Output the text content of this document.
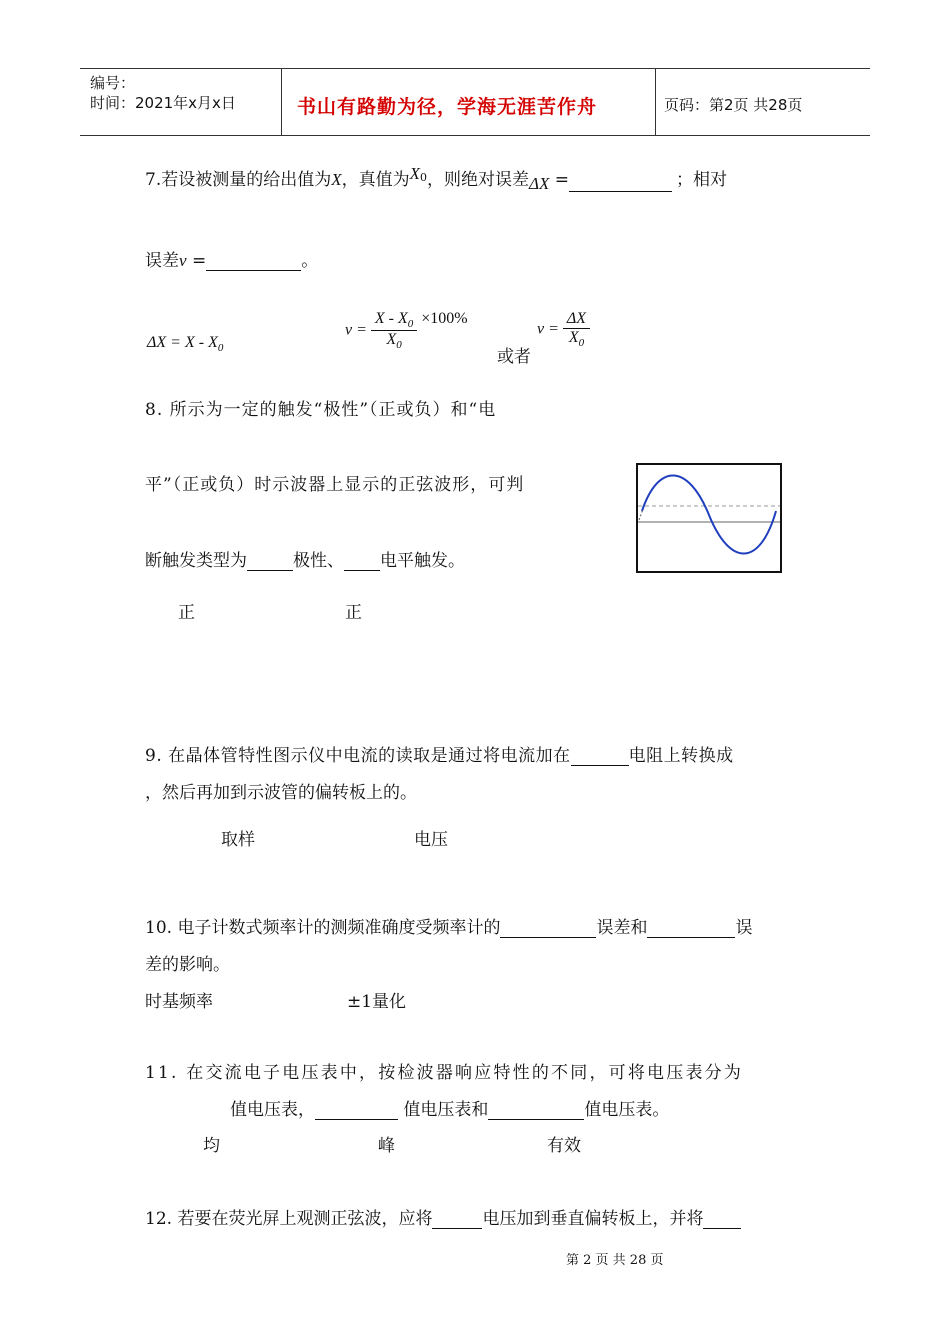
编号：
时间：2021年x月x日	书山有路勤为径，学海无涯苦作舟	页码：第2页 共28页
7.若设被测量的给出值为X，真值为$X_0$，则绝对误差ΔX =	；相对
误差ν =	。
$\Delta X = X - X_0$
$\nu = \frac{X - X_0}{X_0} \times 100\%$
或者
$\nu = \frac{\Delta X}{X_0}$
8. 所示为一定的触发“极性”（正或负）和“电
平”（正或负）时示波器上显示的正弦波形，可判
断触发类型为	极性、 电平触发。
正	正
9. 在晶体管特性图示仪中电流的读取是通过将电流加在	电阻上转换成
，然后再加到示波管的偏转板上的。
取样	电压
10. 电子计数式频率计的测频准确度受频率计的	误差和	误
差的影响。
时基频率	±1量化
11. 在交流电子电压表中，按检波器响应特性的不同，可将电压表分为
值电压表，	值电压表和	值电压表。
均	峰	有效
12. 若要在荧光屏上观测正弦波，应将	电压加到垂直偏转板上，并将
第 2 页 共 28 页
